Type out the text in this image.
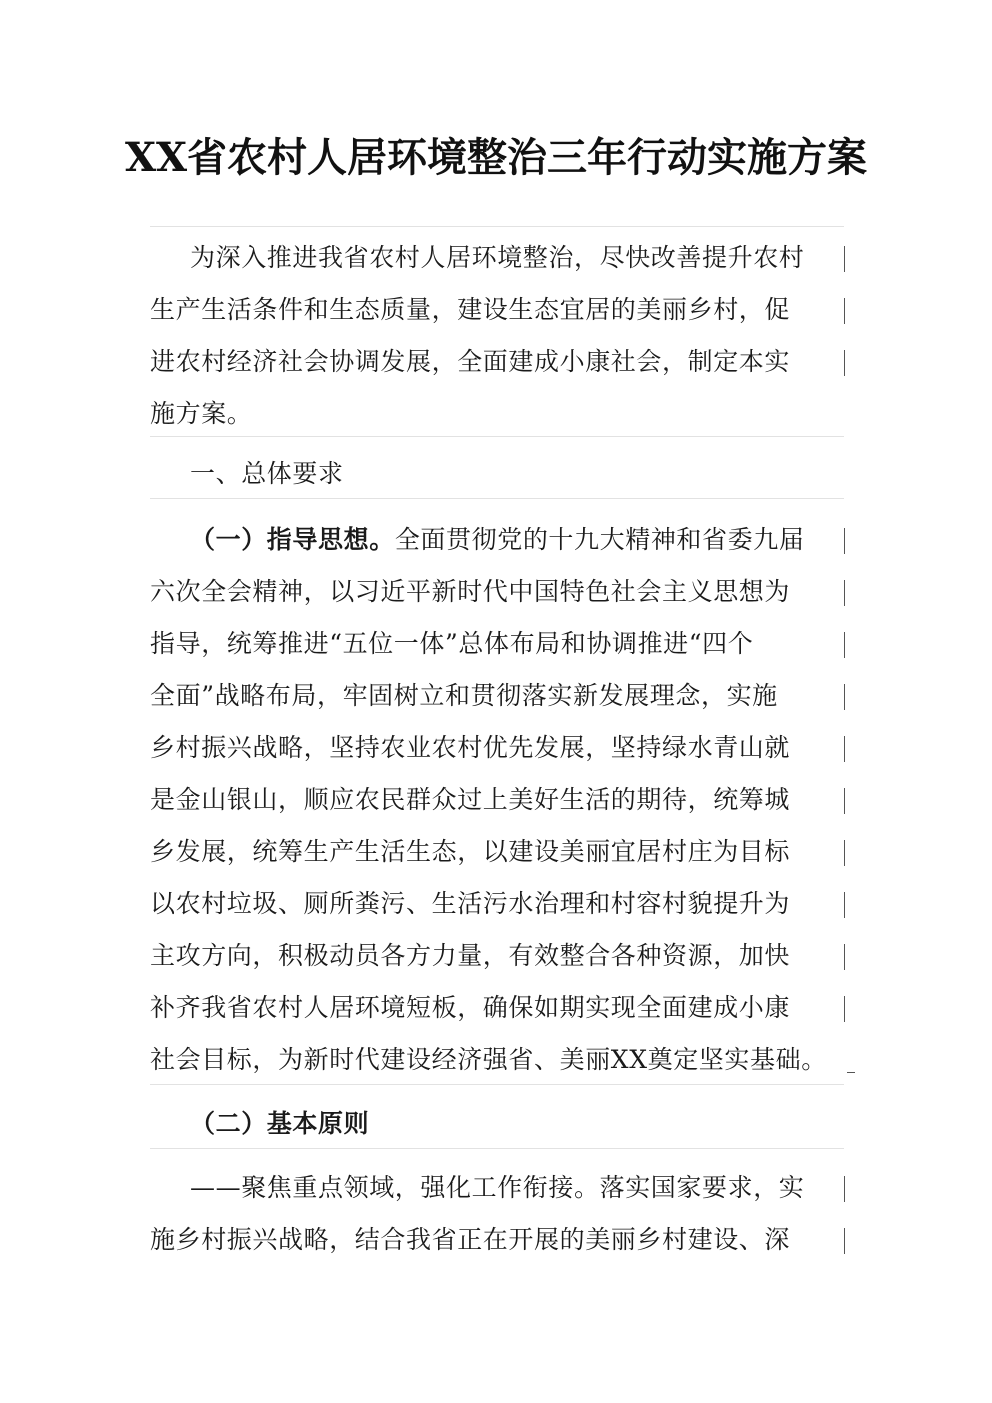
XX省农村人居环境整治三年行动实施方案
为深入推进我省农村人居环境整治，尽快改善提升农村
生产生活条件和生态质量，建设生态宜居的美丽乡村，促
进农村经济社会协调发展，全面建成小康社会，制定本实
施方案。
一、总体要求
（一）指导思想。全面贯彻党的十九大精神和省委九届
六次全会精神，以习近平新时代中国特色社会主义思想为
指导，统筹推进“五位一体”总体布局和协调推进“四个
全面”战略布局，牢固树立和贯彻落实新发展理念，实施
乡村振兴战略，坚持农业农村优先发展，坚持绿水青山就
是金山银山，顺应农民群众过上美好生活的期待，统筹城
乡发展，统筹生产生活生态，以建设美丽宜居村庄为目标
以农村垃圾、厕所粪污、生活污水治理和村容村貌提升为
主攻方向，积极动员各方力量，有效整合各种资源，加快
补齐我省农村人居环境短板，确保如期实现全面建成小康
社会目标，为新时代建设经济强省、美丽XX奠定坚实基础。
（二）基本原则
——聚焦重点领域，强化工作衔接。落实国家要求，实
施乡村振兴战略，结合我省正在开展的美丽乡村建设、深
